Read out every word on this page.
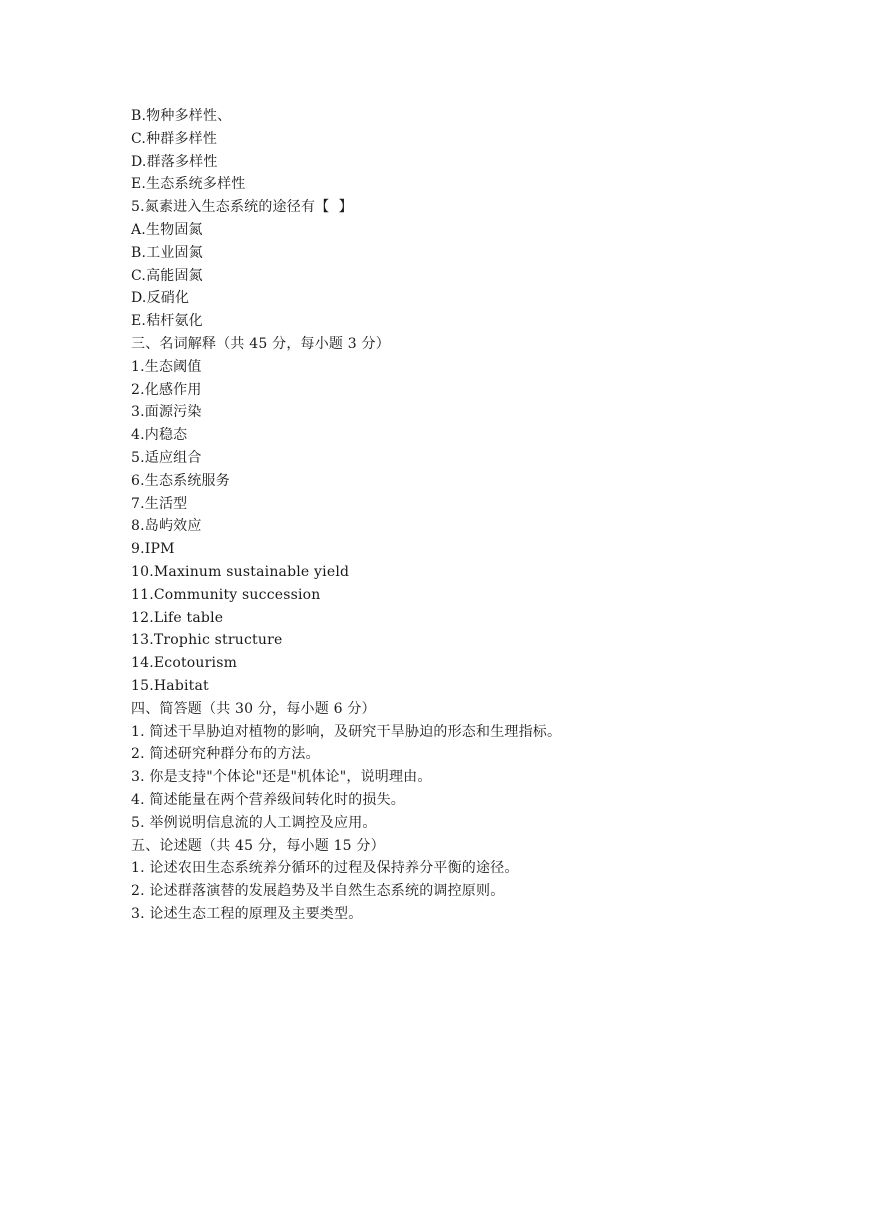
B.物种多样性、
C.种群多样性
D.群落多样性
E.生态系统多样性
5.氮素进入生态系统的途径有【  】
A.生物固氮
B.工业固氮
C.高能固氮
D.反硝化
E.秸杆氨化
三、名词解释（共 45 分，每小题 3 分）
1.生态阈值
2.化感作用
3.面源污染
4.内稳态
5.适应组合
6.生态系统服务
7.生活型
8.岛屿效应
9.IPM
10.Maxinum sustainable yield
11.Community succession
12.Life table
13.Trophic structure
14.Ecotourism
15.Habitat
四、简答题（共 30 分，每小题 6 分）
1. 简述干旱胁迫对植物的影响，及研究干旱胁迫的形态和生理指标。
2. 简述研究种群分布的方法。
3. 你是支持"个体论"还是"机体论"，说明理由。
4. 简述能量在两个营养级间转化时的损失。
5. 举例说明信息流的人工调控及应用。
五、论述题（共 45 分，每小题 15 分）
1. 论述农田生态系统养分循环的过程及保持养分平衡的途径。
2. 论述群落演替的发展趋势及半自然生态系统的调控原则。
3. 论述生态工程的原理及主要类型。
